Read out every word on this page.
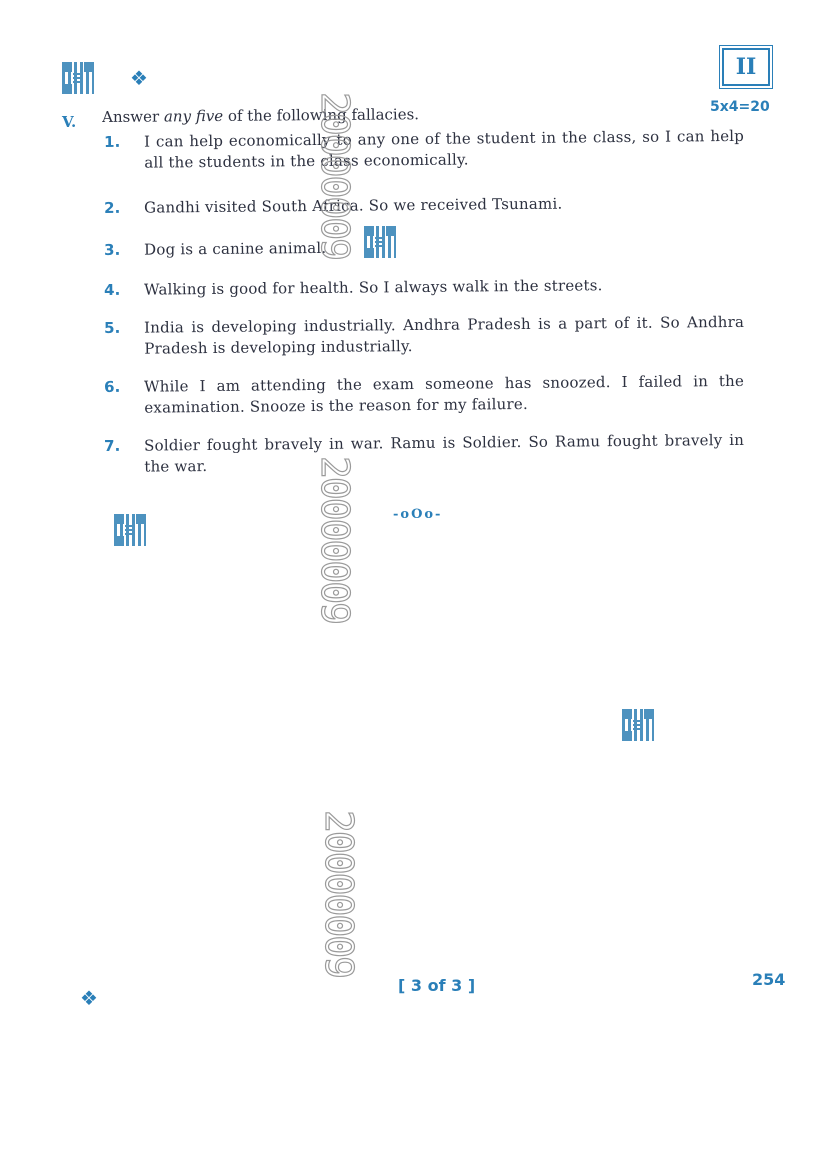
❖
❖
II
5x4=20
V. Answer any five of the following fallacies.
1.	I can help economically to any one of the student in the class, so I can help all the students in the class economically.
2.	Gandhi visited South Africa. So we received Tsunami.
3.	Dog is a canine animal.
4.	Walking is good for health. So I always walk in the streets.
5.	India is developing industrially. Andhra Pradesh is a part of it. So Andhra Pradesh is developing industrially.
6.	While I am attending the exam someone has snoozed. I failed in the examination. Snooze is the reason for my failure.
7.	Soldier fought bravely in war. Ramu is Soldier. So Ramu fought bravely in the war.
-oOo-
20000009
20000009
20000009
[ 3 of 3 ]	254
